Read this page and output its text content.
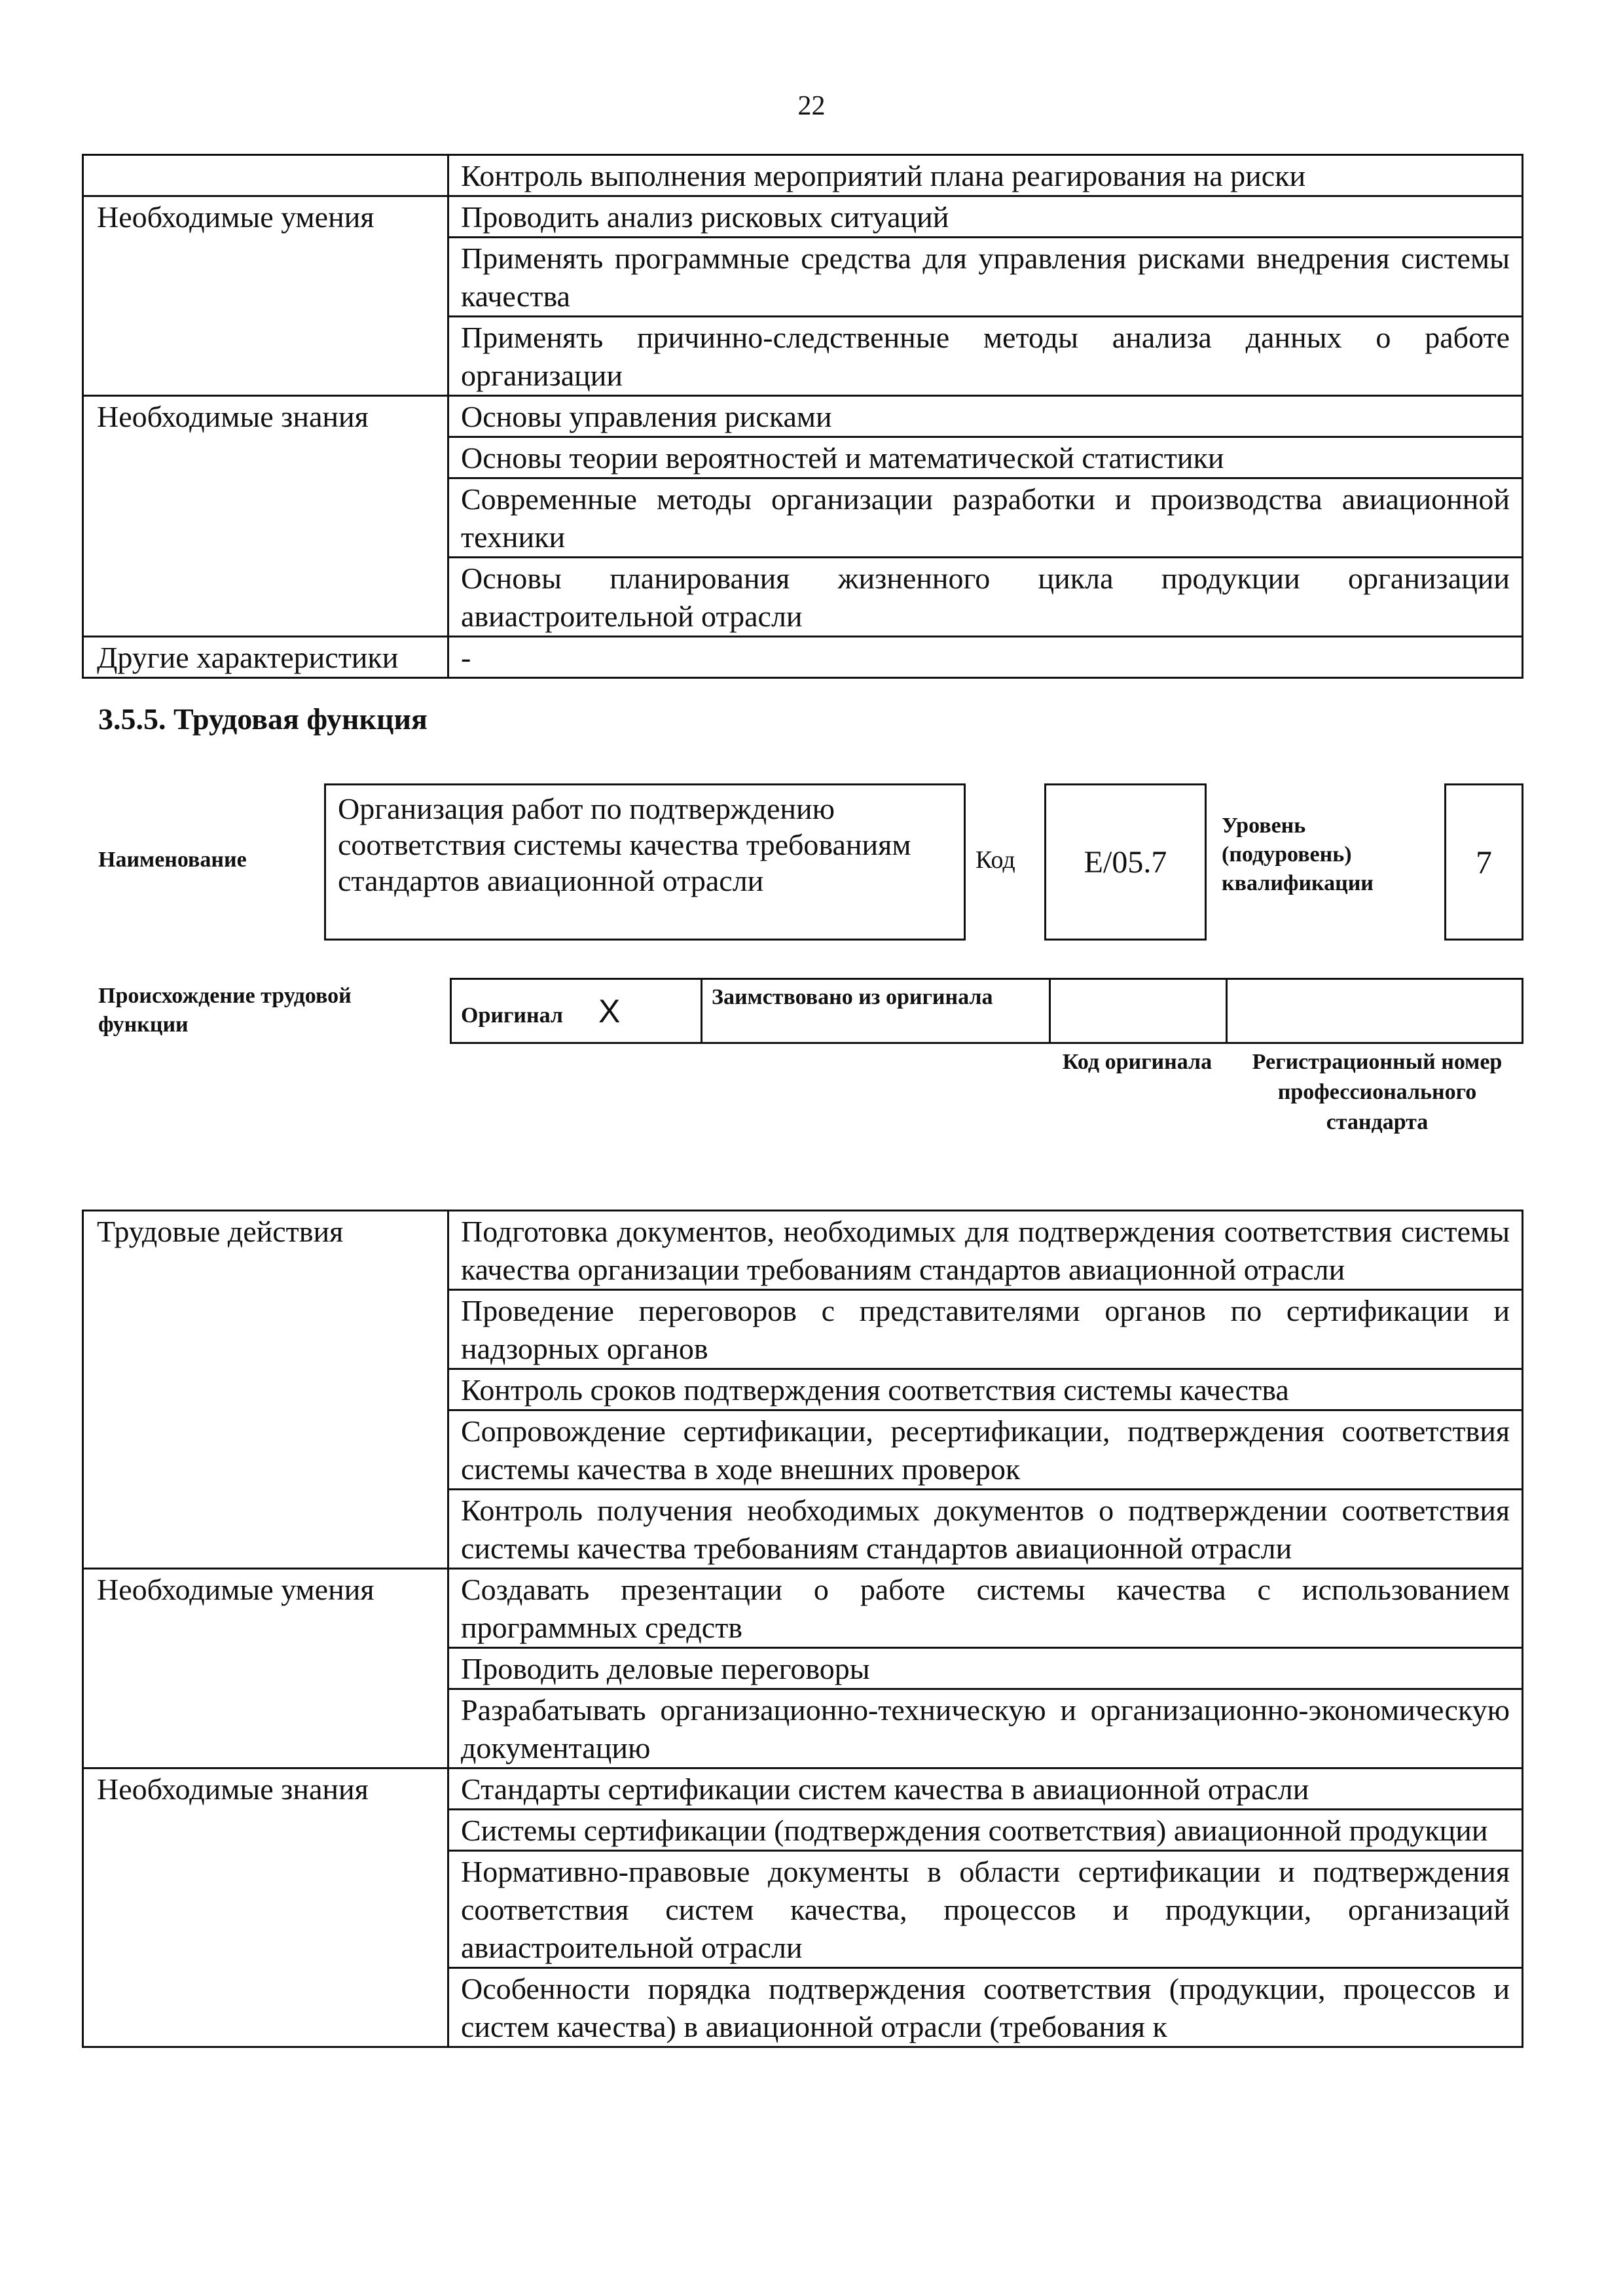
22
	Контроль выполнения мероприятий плана реагирования на риски
Необходимые умения	Проводить анализ рисковых ситуаций
	Применять программные средства для управления рисками внедрения системы качества
	Применять причинно-следственные методы анализа данных о работе организации
Необходимые знания	Основы управления рисками
	Основы теории вероятностей и математической статистики
	Современные методы организации разработки и производства авиационной техники
	Основы планирования жизненного цикла продукции организации авиастроительной отрасли
Другие характеристики	-
3.5.5. Трудовая функция
Наименование
Организация работ по подтверждению соответствия системы качества требованиям стандартов авиационной отрасли
Код	E/05.7
Уровень (подуровень) квалификации
7
Происхождение трудовой функции	Оригинал X	Заимствовано из оригинала		
Код оригинала	Регистрационный номер профессионального стандарта
Трудовые действия	Подготовка документов, необходимых для подтверждения соответствия системы качества организации требованиям стандартов авиационной отрасли
	Проведение переговоров с представителями органов по сертификации и надзорных органов
	Контроль сроков подтверждения соответствия системы качества
	Сопровождение сертификации, ресертификации, подтверждения соответствия системы качества в ходе внешних проверок
	Контроль получения необходимых документов о подтверждении соответствия системы качества требованиям стандартов авиационной отрасли
Необходимые умения	Создавать презентации о работе системы качества с использованием программных средств
	Проводить деловые переговоры
	Разрабатывать организационно-техническую и организационно-экономическую документацию
Необходимые знания	Стандарты сертификации систем качества в авиационной отрасли
	Системы сертификации (подтверждения соответствия) авиационной продукции
	Нормативно-правовые документы в области сертификации и подтверждения соответствия систем качества, процессов и продукции, организаций авиастроительной отрасли
	Особенности порядка подтверждения соответствия (продукции, процессов и систем качества) в авиационной отрасли (требования к
